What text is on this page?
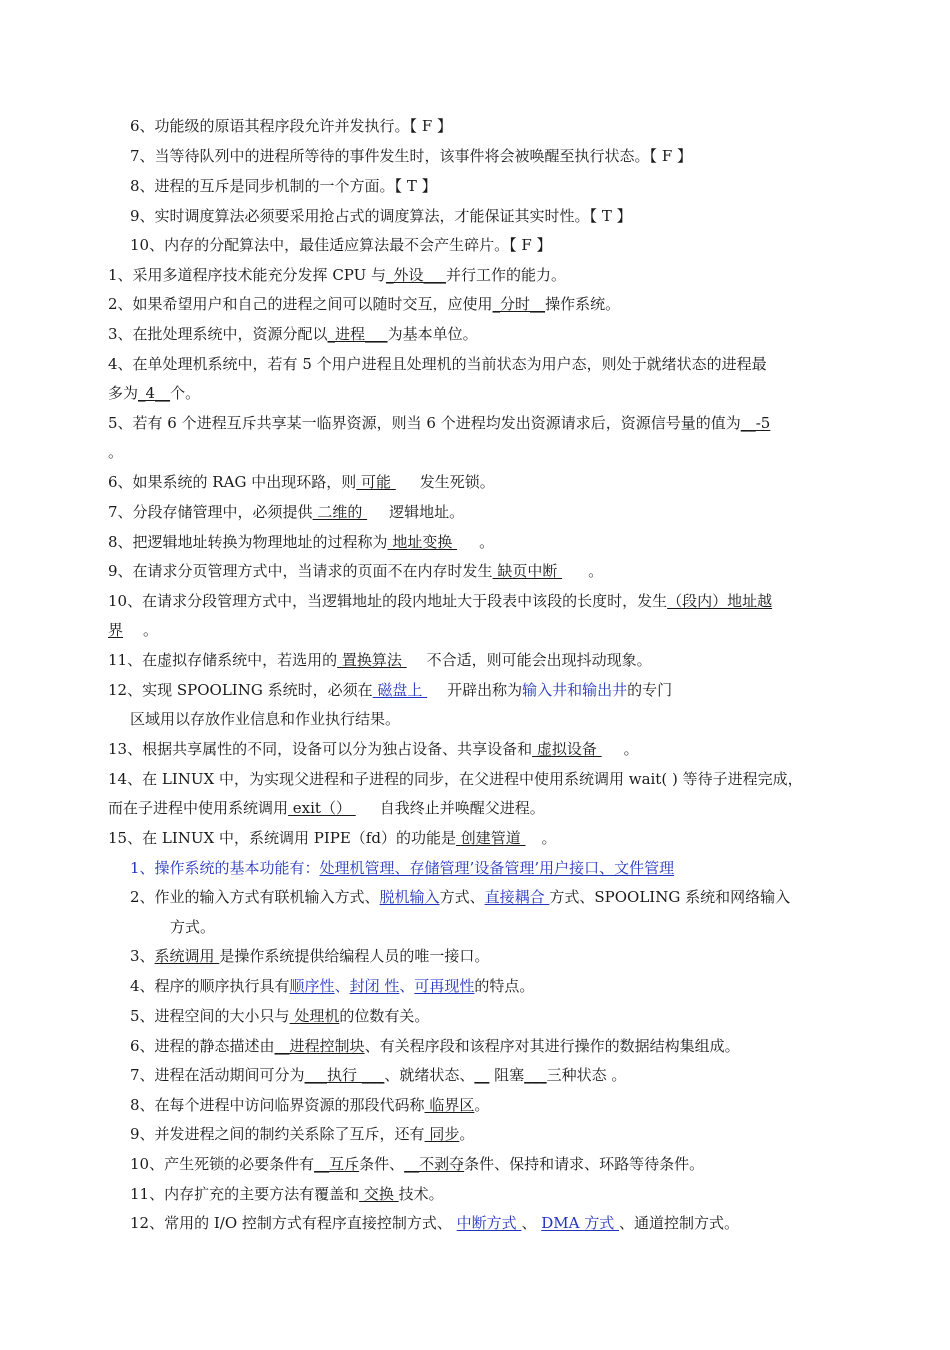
6、功能级的原语其程序段允许并发执行。【 F 】
7、当等待队列中的进程所等待的事件发生时，该事件将会被唤醒至执行状态。【 F 】
8、进程的互斥是同步机制的一个方面。【 T 】
9、实时调度算法必须要采用抢占式的调度算法，才能保证其实时性。【 T 】
10、内存的分配算法中，最佳适应算法最不会产生碎片。【 F 】
1、采用多道程序技术能充分发挥 CPU 与_外设___并行工作的能力。
2、如果希望用户和自己的进程之间可以随时交互，应使用_分时__操作系统。
3、在批处理系统中，资源分配以_进程___为基本单位。
4、在单处理机系统中，若有 5 个用户进程且处理机的当前状态为用户态，则处于就绪状态的进程最
多为_4__个。
5、若有 6 个进程互斥共享某一临界资源，则当 6 个进程均发出资源请求后，资源信号量的值为__-5
。
6、如果系统的 RAG 中出现环路，则 可能 发生死锁。
7、分段存储管理中，必须提供 二维的 逻辑地址。
8、把逻辑地址转换为物理地址的过程称为 地址变换 。
9、在请求分页管理方式中，当请求的页面不在内存时发生 缺页中断 。
10、在请求分段管理方式中，当逻辑地址的段内地址大于段表中该段的长度时，发生（段内）地址越
界 。
11、在虚拟存储系统中，若选用的 置换算法 不合适，则可能会出现抖动现象。
12、实现 SPOOLING 系统时，必须在 磁盘上 开辟出称为输入井和输出井的专门
区域用以存放作业信息和作业执行结果。
13、根据共享属性的不同，设备可以分为独占设备、共享设备和 虚拟设备 。
14、在 LINUX 中，为实现父进程和子进程的同步，在父进程中使用系统调用 wait( ) 等待子进程完成，
而在子进程中使用系统调用 exit（） 自我终止并唤醒父进程。
15、在 LINUX 中，系统调用 PIPE（fd）的功能是 创建管道 。
1、操作系统的基本功能有：处理机管理、存储管理’设备管理’用户接口、文件管理
2、作业的输入方式有联机输入方式、脱机输入方式、直接耦合 方式、SPOOLING 系统和网络输入
方式。
3、系统调用 是操作系统提供给编程人员的唯一接口。
4、程序的顺序执行具有顺序性、封闭 性、可再现性的特点。
5、进程空间的大小只与 处理机的位数有关。
6、进程的静态描述由__进程控制块、有关程序段和该程序对其进行操作的数据结构集组成。
7、进程在活动期间可分为___执行 ___、就绪状态、__ 阻塞___三种状态 。
8、在每个进程中访问临界资源的那段代码称 临界区。
9、并发进程之间的制约关系除了互斥，还有 同步。
10、产生死锁的必要条件有__互斥条件、__不剥夺条件、保持和请求、环路等待条件。
11、内存扩充的主要方法有覆盖和 交换 技术。
12、常用的 I/O 控制方式有程序直接控制方式、 中断方式 、 DMA 方式 、通道控制方式。
